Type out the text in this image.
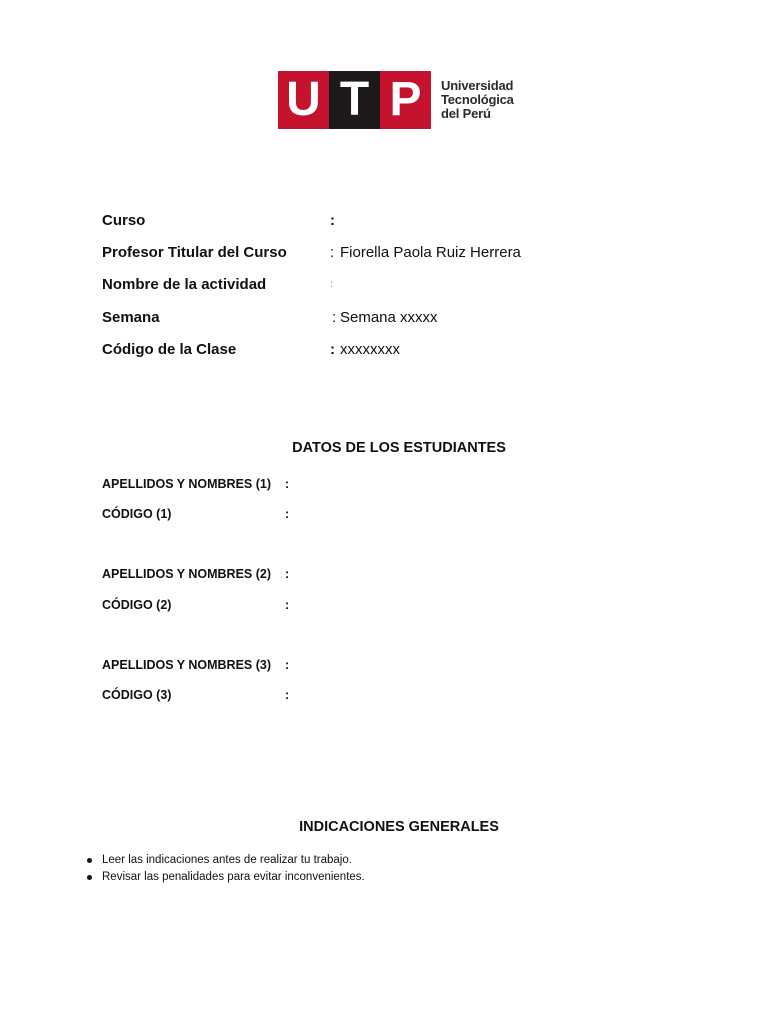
U T P	Universidad
Tecnológica
del Perú
Curso	:
Profesor Titular del Curso	: Fiorella Paola Ruiz Herrera
Nombre de la actividad	:
Semana	: Semana xxxxx
Código de la Clase	: xxxxxxxx
DATOS DE LOS ESTUDIANTES
APELLIDOS Y NOMBRES (1) :
CÓDIGO (1)	:
APELLIDOS Y NOMBRES (2) :
CÓDIGO (2)	:
APELLIDOS Y NOMBRES (3) :
CÓDIGO (3)	:
INDICACIONES GENERALES
Leer las indicaciones antes de realizar tu trabajo.
Revisar las penalidades para evitar inconvenientes.
